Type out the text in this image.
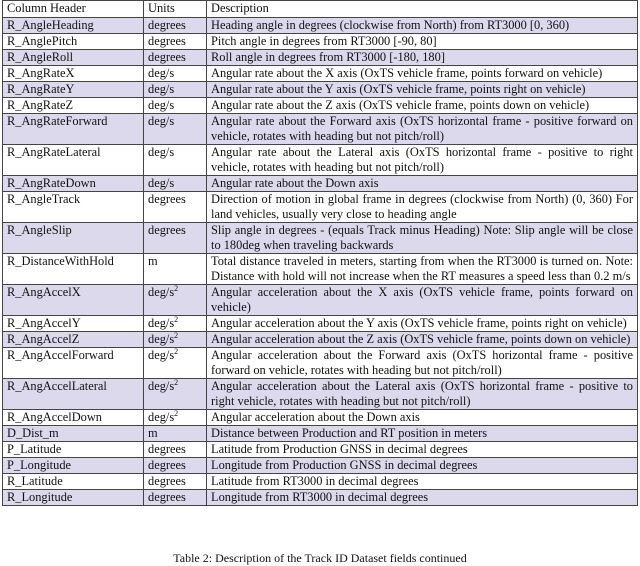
Column Header	Units	Description
R_AngleHeading	degrees	Heading angle in degrees (clockwise from North) from RT3000 [0, 360)
R_AnglePitch	degrees	Pitch angle in degrees from RT3000 [-90, 80]
R_AngleRoll	degrees	Roll angle in degrees from RT3000 [-180, 180]
R_AngRateX	deg/s	Angular rate about the X axis (OxTS vehicle frame, points forward on vehicle)
R_AngRateY	deg/s	Angular rate about the Y axis (OxTS vehicle frame, points right on vehicle)
R_AngRateZ	deg/s	Angular rate about the Z axis (OxTS vehicle frame, points down on vehicle)
R_AngRateForward	deg/s	Angular rate about the Forward axis (OxTS horizontal frame - positive forward on vehicle, rotates with heading but not pitch/roll)
R_AngRateLateral	deg/s	Angular rate about the Lateral axis (OxTS horizontal frame - positive to right vehicle, rotates with heading but not pitch/roll)
R_AngRateDown	deg/s	Angular rate about the Down axis
R_AngleTrack	degrees	Direction of motion in global frame in degrees (clockwise from North) (0, 360) For land vehicles, usually very close to heading angle
R_AngleSlip	degrees	Slip angle in degrees - (equals Track minus Heading) Note: Slip angle will be close to 180deg when traveling backwards
R_DistanceWithHold	m	Total distance traveled in meters, starting from when the RT3000 is turned on. Note: Distance with hold will not increase when the RT measures a speed less than 0.2 m/s
R_AngAccelX	deg/$s^2$	Angular acceleration about the X axis (OxTS vehicle frame, points forward on vehicle)
R_AngAccelY	deg/$s^2$	Angular acceleration about the Y axis (OxTS vehicle frame, points right on vehicle)
R_AngAccelZ	deg/$s^2$	Angular acceleration about the Z axis (OxTS vehicle frame, points down on vehicle)
R_AngAccelForward	deg/$s^2$	Angular acceleration about the Forward axis (OxTS horizontal frame - positive forward on vehicle, rotates with heading but not pitch/roll)
R_AngAccelLateral	deg/$s^2$	Angular acceleration about the Lateral axis (OxTS horizontal frame - positive to right vehicle, rotates with heading but not pitch/roll)
R_AngAccelDown	deg/$s^2$	Angular acceleration about the Down axis
D_Dist_m	m	Distance between Production and RT position in meters
P_Latitude	degrees	Latitude from Production GNSS in decimal degrees
P_Longitude	degrees	Longitude from Production GNSS in decimal degrees
R_Latitude	degrees	Latitude from RT3000 in decimal degrees
R_Longitude	degrees	Longitude from RT3000 in decimal degrees
Table 2: Description of the Track ID Dataset fields continued
